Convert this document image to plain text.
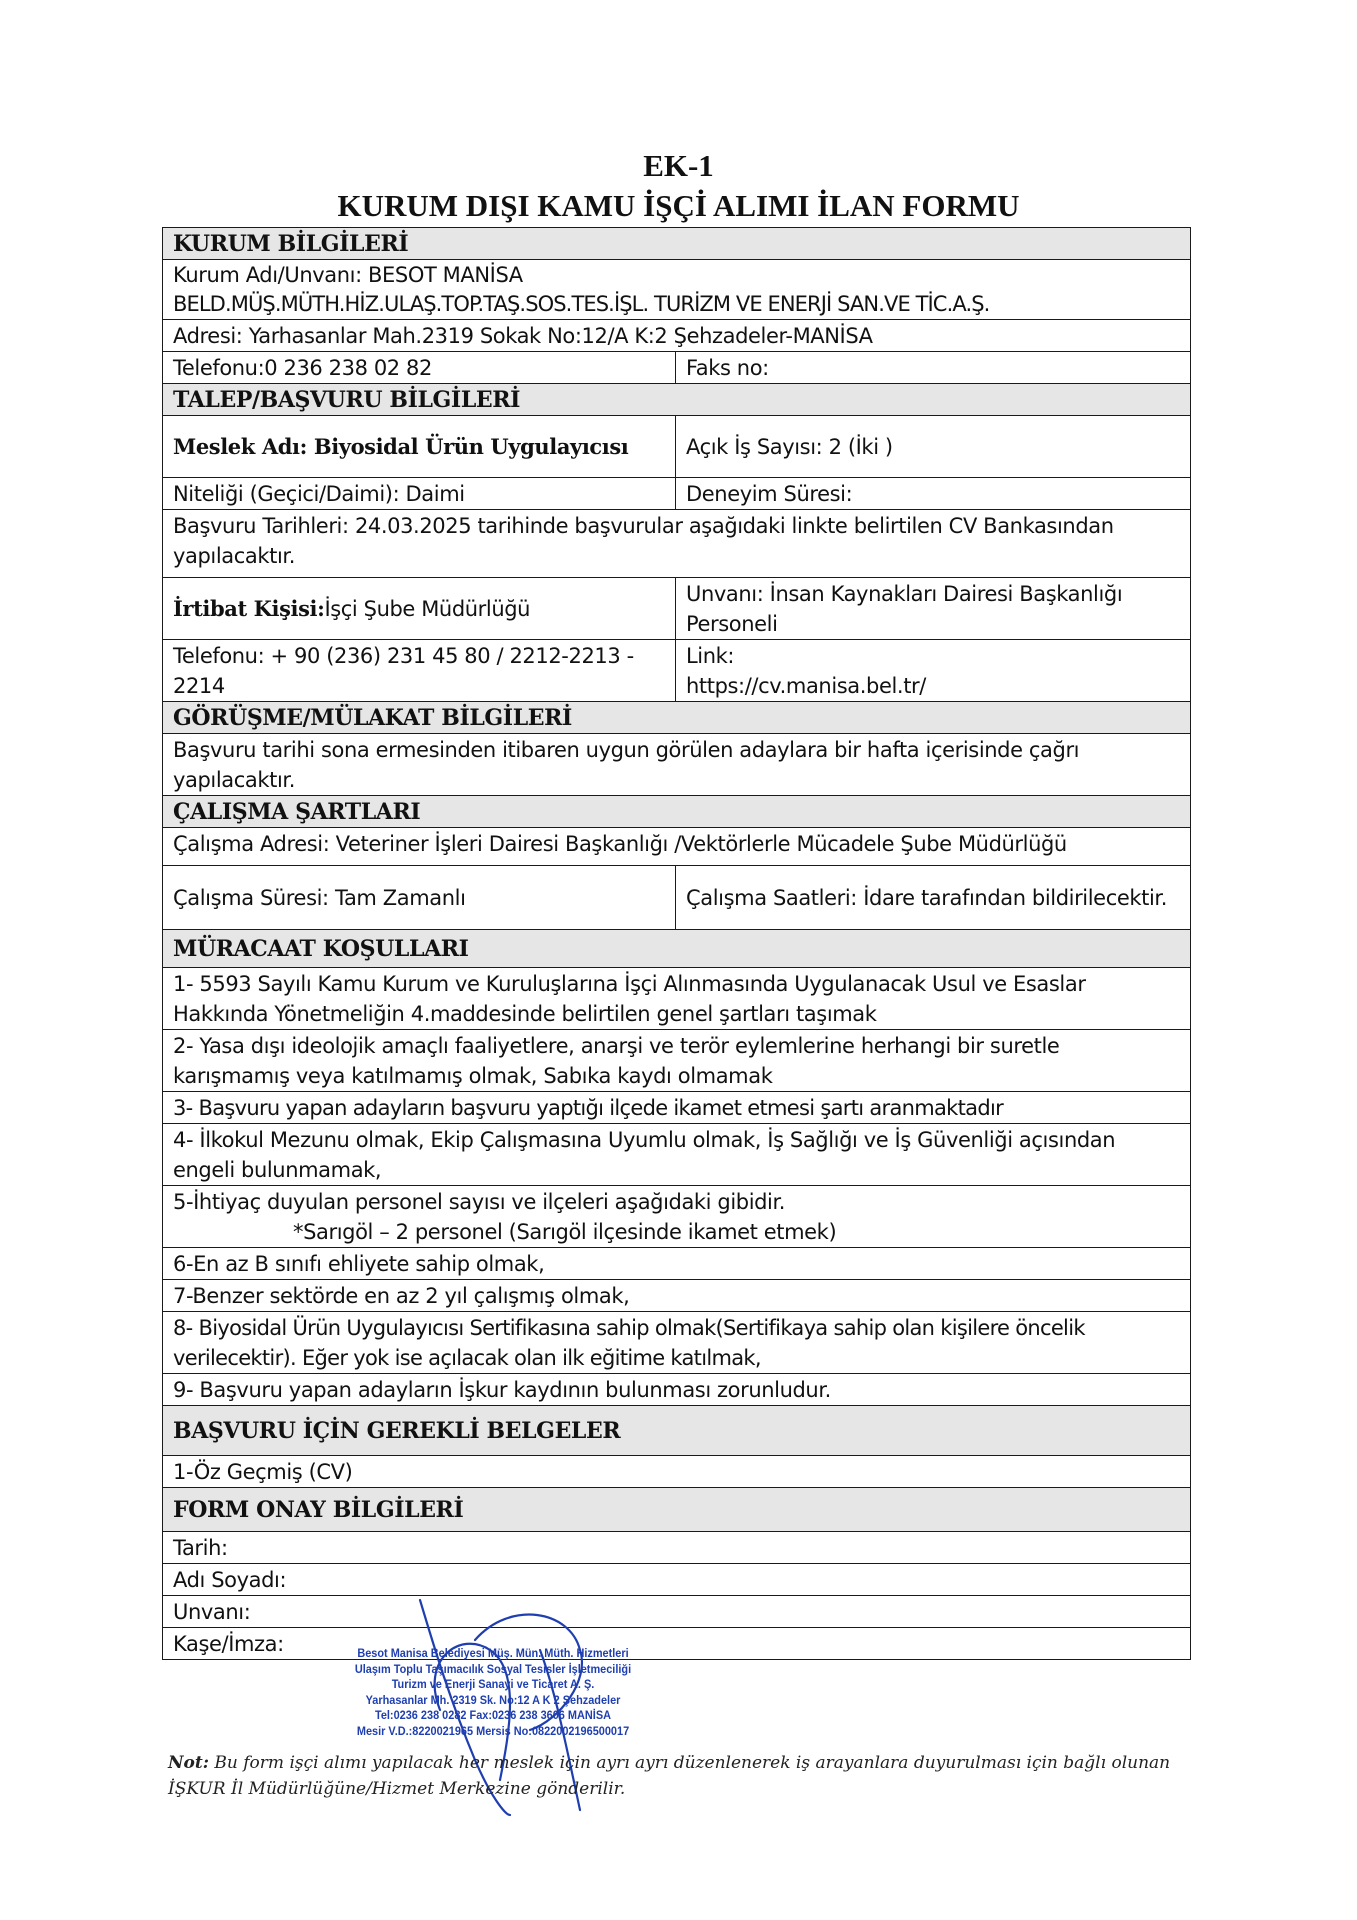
EK-1
KURUM DIŞI KAMU İŞÇİ ALIMI İLAN FORMU
KURUM BİLGİLERİ	
Kurum Adı/Unvanı: BESOT MANİSA
BELD.MÜŞ.MÜTH.HİZ.ULAŞ.TOP.TAŞ.SOS.TES.İŞL. TURİZM VE ENERJİ SAN.VE TİC.A.Ş.	
Adresi: Yarhasanlar Mah.2319 Sokak No:12/A K:2 Şehzadeler-MANİSA	
Telefonu:0 236 238 02 82	Faks no:
TALEP/BAŞVURU BİLGİLERİ	
Meslek Adı: Biyosidal Ürün Uygulayıcısı	Açık İş Sayısı: 2 (İki )
Niteliği (Geçici/Daimi): Daimi	Deneyim Süresi:
Başvuru Tarihleri: 24.03.2025 tarihinde başvurular aşağıdaki linkte belirtilen CV Bankasından yapılacaktır.	
İrtibat Kişisi:İşçi Şube Müdürlüğü	Unvanı: İnsan Kaynakları Dairesi Başkanlığı Personeli
Telefonu: + 90 (236) 231 45 80 / 2212-2213 - 2214	Link:
https://cv.manisa.bel.tr/
GÖRÜŞME/MÜLAKAT BİLGİLERİ	
Başvuru tarihi sona ermesinden itibaren uygun görülen adaylara bir hafta içerisinde çağrı yapılacaktır.	
ÇALIŞMA ŞARTLARI	
Çalışma Adresi: Veteriner İşleri Dairesi Başkanlığı /Vektörlerle Mücadele Şube Müdürlüğü	
Çalışma Süresi: Tam Zamanlı	Çalışma Saatleri: İdare tarafından bildirilecektir.
MÜRACAAT KOŞULLARI	
1- 5593 Sayılı Kamu Kurum ve Kuruluşlarına İşçi Alınmasında Uygulanacak Usul ve Esaslar Hakkında Yönetmeliğin 4.maddesinde belirtilen genel şartları taşımak	
2- Yasa dışı ideolojik amaçlı faaliyetlere, anarşi ve terör eylemlerine herhangi bir suretle karışmamış veya katılmamış olmak, Sabıka kaydı olmamak	
3- Başvuru yapan adayların başvuru yaptığı ilçede ikamet etmesi şartı aranmaktadır	
4- İlkokul Mezunu olmak, Ekip Çalışmasına Uyumlu olmak, İş Sağlığı ve İş Güvenliği açısından engeli bulunmamak,	
5-İhtiyaç duyulan personel sayısı ve ilçeleri aşağıdaki gibidir.
*Sarıgöl – 2 personel (Sarıgöl ilçesinde ikamet etmek)	

6-En az B sınıfı ehliyete sahip olmak,	
7-Benzer sektörde en az 2 yıl çalışmış olmak,	
8- Biyosidal Ürün Uygulayıcısı Sertifikasına sahip olmak(Sertifikaya sahip olan kişilere öncelik verilecektir). Eğer yok ise açılacak olan ilk eğitime katılmak,	
9- Başvuru yapan adayların İşkur kaydının bulunması zorunludur.	
BAŞVURU İÇİN GEREKLİ BELGELER	
1-Öz Geçmiş (CV)	
FORM ONAY BİLGİLERİ	
Tarih:	
Adı Soyadı:	
Unvanı:	
Kaşe/İmza:		Besot Manisa Belediyesi Müş. Mün. Müth. Hizmetleri
Ulaşım Toplu Taşımacılık Sosyal Tesisler İşletmeciliği
Turizm ve Enerji Sanayi ve Ticaret A. Ş.
Yarhasanlar Mh. 2319 Sk. No:12 A K 2 Şehzadeler
Tel:0236 238 0282 Fax:0236 238 3606 MANİSA
Mesir V.D.:8220021965 Mersis No:0822002196500017
Not: Bu form işçi alımı yapılacak her meslek için ayrı ayrı düzenlenerek iş arayanlara duyurulması için bağlı olunan İŞKUR İl Müdürlüğüne/Hizmet Merkezine gönderilir.
